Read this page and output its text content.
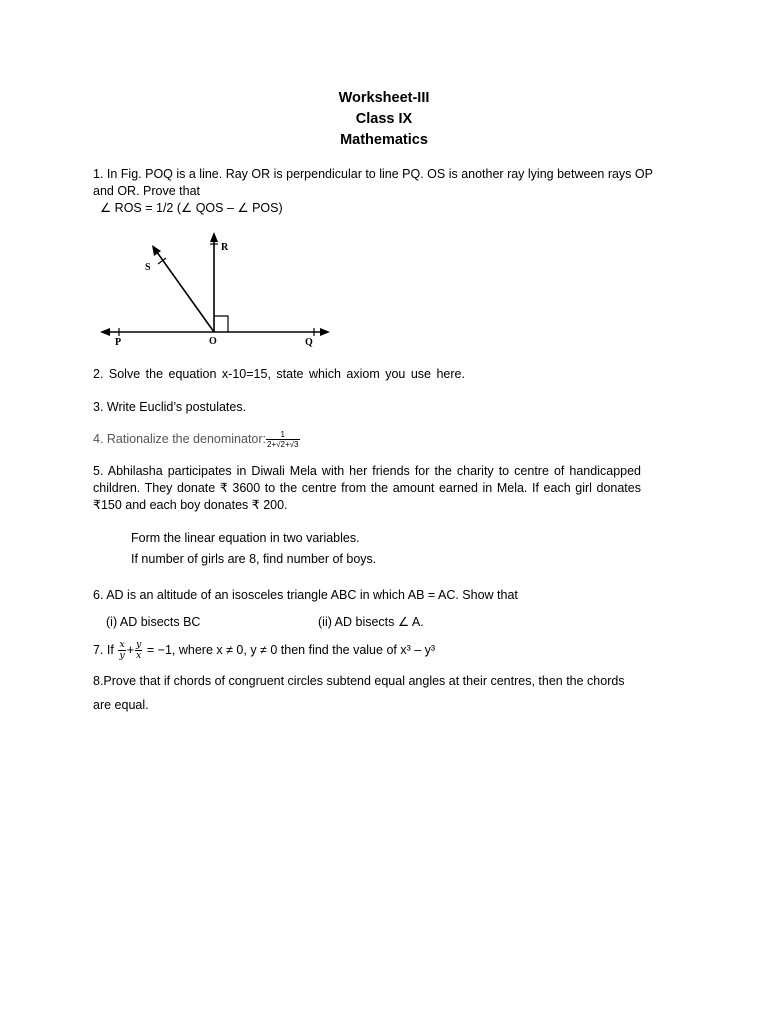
Worksheet-III
Class IX
Mathematics
1. In Fig. POQ is a line. Ray OR is perpendicular to line PQ. OS is another ray lying between rays OP and OR. Prove that
∠ ROS = 1/2 (∠ QOS – ∠ POS)
S
R
P	O	Q
2. Solve the equation x-10=15, state which axiom you use here.
3. Write Euclid’s postulates.
4. Rationalize the denominator: $\frac{1}{2+√2+√3}$
5. Abhilasha participates in Diwali Mela with her friends for the charity to centre of handicapped children. They donate ₹ 3600 to the centre from the amount earned in Mela. If each girl donates ₹150 and each boy donates ₹ 200.
Form the linear equation in two variables.
If number of girls are 8, find number of boys.
6. AD is an altitude of an isosceles triangle ABC in which AB = AC. Show that
(i) AD bisects BC	(ii) AD bisects ∠ A.
7. If $\frac{x}{y} + \frac{y}{x} = -1$, where x ≠ 0, y ≠ 0 then find the value of x³ – y³
8.Prove that if chords of congruent circles subtend equal angles at their centres, then the chords are equal.
